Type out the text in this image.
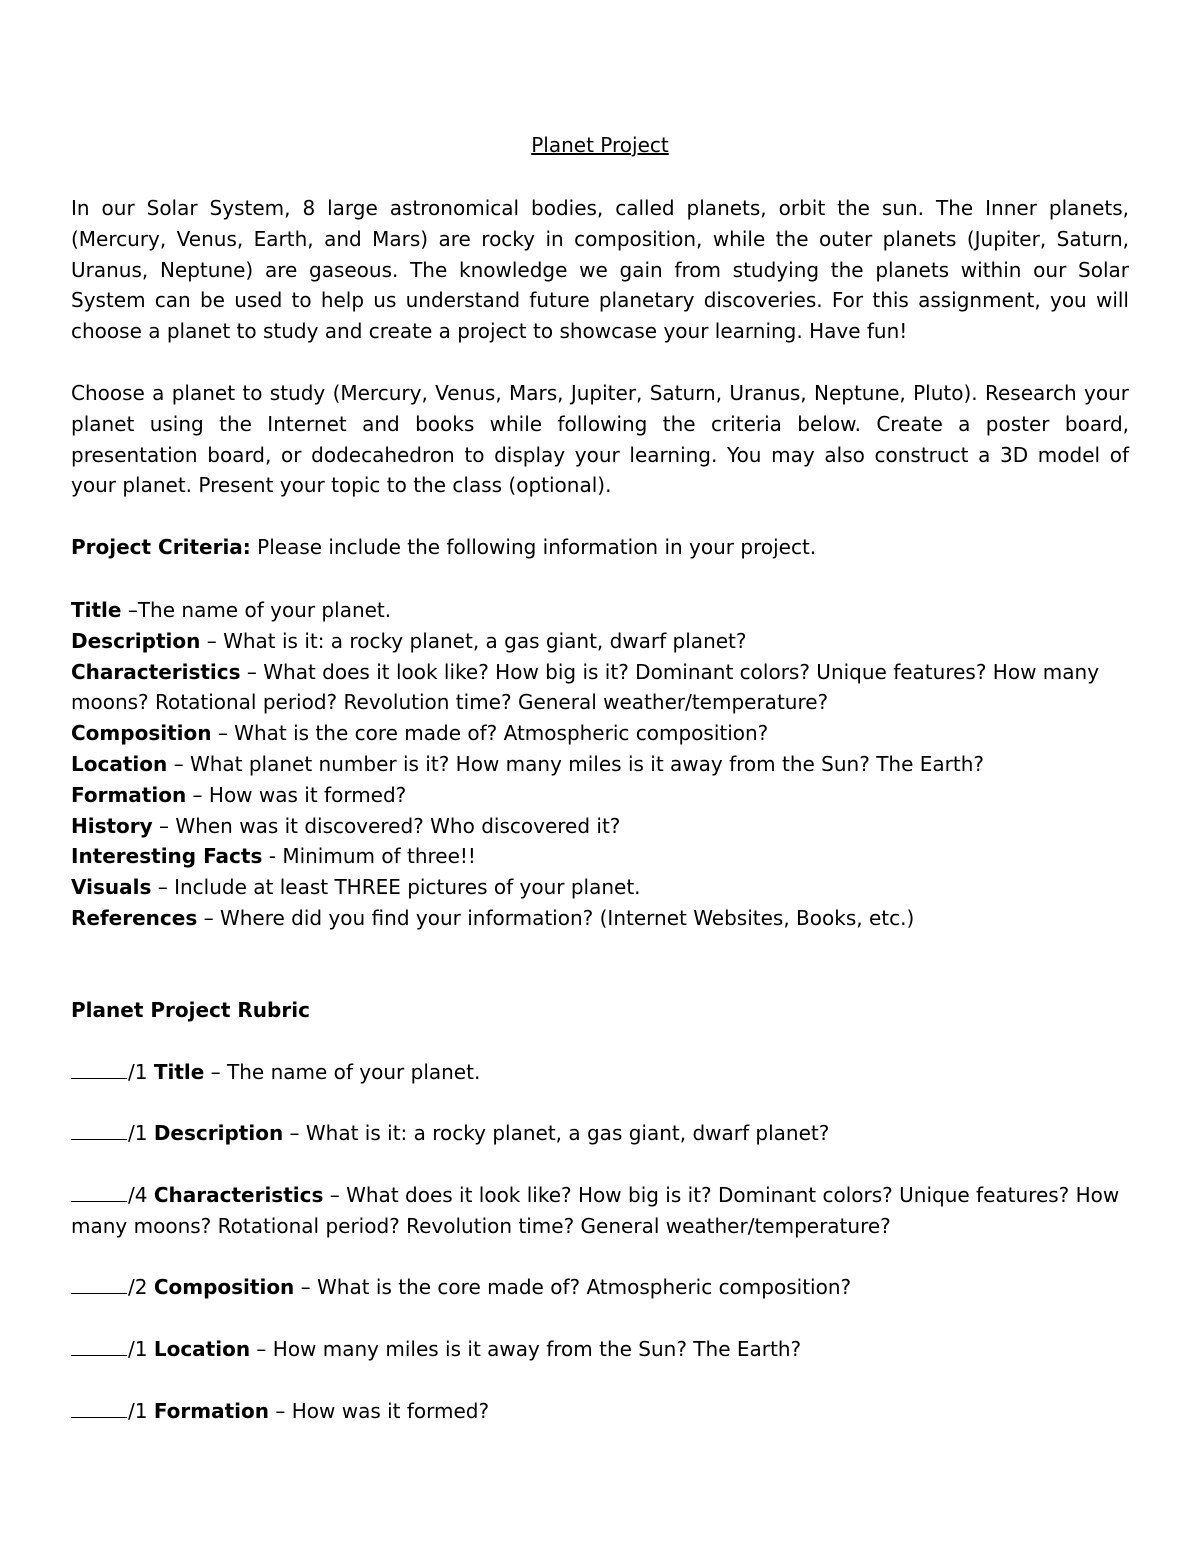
Planet Project

In our Solar System, 8 large astronomical bodies, called planets, orbit the sun. The Inner planets, (Mercury, Venus, Earth, and Mars) are rocky in composition, while the outer planets (Jupiter, Saturn, Uranus, Neptune) are gaseous. The knowledge we gain from studying the planets within our Solar System can be used to help us understand future planetary discoveries. For this assignment, you will choose a planet to study and create a project to showcase your learning. Have fun!

Choose a planet to study (Mercury, Venus, Mars, Jupiter, Saturn, Uranus, Neptune, Pluto). Research your planet using the Internet and books while following the criteria below. Create a poster board, presentation board, or dodecahedron to display your learning. You may also construct a 3D model of your planet. Present your topic to the class (optional).

Project Criteria: Please include the following information in your project.
Title –The name of your planet.
Description – What is it: a rocky planet, a gas giant, dwarf planet?
Characteristics – What does it look like? How big is it? Dominant colors? Unique features? How many moons? Rotational period? Revolution time? General weather/temperature?
Composition – What is the core made of? Atmospheric composition?
Location – What planet number is it? How many miles is it away from the Sun? The Earth?
Formation – How was it formed?
History – When was it discovered? Who discovered it?
Interesting Facts - Minimum of three!!
Visuals – Include at least THREE pictures of your planet.
References – Where did you find your information? (Internet Websites, Books, etc.)
Planet Project Rubric
/1 Title – The name of your planet.
/1 Description – What is it: a rocky planet, a gas giant, dwarf planet?
/4 Characteristics – What does it look like? How big is it? Dominant colors? Unique features? How many moons? Rotational period? Revolution time? General weather/temperature?
/2 Composition – What is the core made of? Atmospheric composition?
/1 Location – How many miles is it away from the Sun? The Earth?
/1 Formation – How was it formed?
